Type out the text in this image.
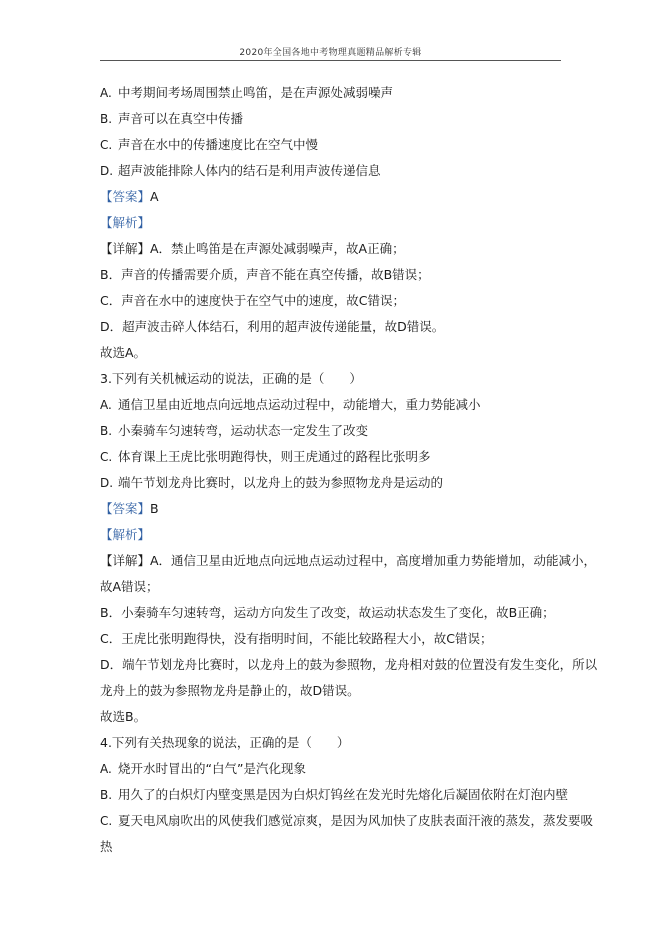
2020年全国各地中考物理真题精品解析专辑
A. 中考期间考场周围禁止鸣笛，是在声源处减弱噪声
B. 声音可以在真空中传播
C. 声音在水中的传播速度比在空气中慢
D. 超声波能排除人体内的结石是利用声波传递信息
【答案】A
【解析】
【详解】A．禁止鸣笛是在声源处减弱噪声，故A正确；
B．声音的传播需要介质，声音不能在真空传播，故B错误；
C．声音在水中的速度快于在空气中的速度，故C错误；
D．超声波击碎人体结石，利用的超声波传递能量，故D错误。
故选A。
3.下列有关机械运动的说法，正确的是（　　）
A. 通信卫星由近地点向远地点运动过程中，动能增大，重力势能减小
B. 小秦骑车匀速转弯，运动状态一定发生了改变
C. 体育课上王虎比张明跑得快，则王虎通过的路程比张明多
D. 端午节划龙舟比赛时，以龙舟上的鼓为参照物龙舟是运动的
【答案】B
【解析】
【详解】A．通信卫星由近地点向远地点运动过程中，高度增加重力势能增加，动能减小，
故A错误；
B．小秦骑车匀速转弯，运动方向发生了改变，故运动状态发生了变化，故B正确；
C．王虎比张明跑得快，没有指明时间，不能比较路程大小，故C错误；
D．端午节划龙舟比赛时，以龙舟上的鼓为参照物，龙舟相对鼓的位置没有发生变化，所以
龙舟上的鼓为参照物龙舟是静止的，故D错误。
故选B。
4.下列有关热现象的说法，正确的是（　　）
A. 烧开水时冒出的“白气”是汽化现象
B. 用久了的白炽灯内壁变黑是因为白炽灯钨丝在发光时先熔化后凝固依附在灯泡内壁
C. 夏天电风扇吹出的风使我们感觉凉爽，是因为风加快了皮肤表面汗液的蒸发，蒸发要吸
热
